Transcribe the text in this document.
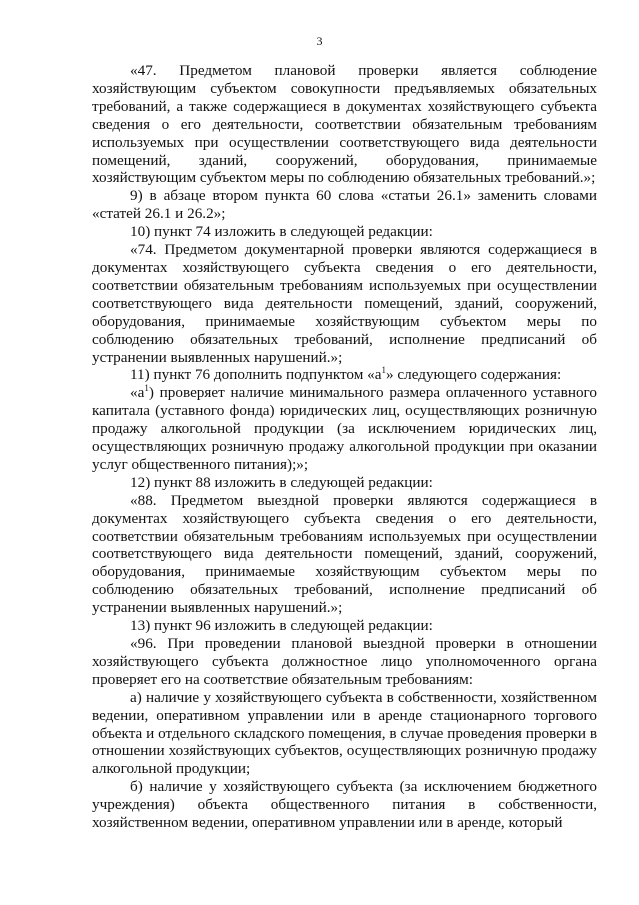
3

«47. Предметом плановой проверки является соблюдение хозяйствующим субъектом совокупности предъявляемых обязательных требований, а также содержащиеся в документах хозяйствующего субъекта сведения о его деятельности, соответствии обязательным требованиям используемых при осуществлении соответствующего вида деятельности помещений, зданий, сооружений, оборудования, принимаемые хозяйствующим субъектом меры по соблюдению обязательных требований.»;

9) в абзаце втором пункта 60 слова «статьи 26.1» заменить словами «статей 26.1 и 26.2»;

10) пункт 74 изложить в следующей редакции:

«74. Предметом документарной проверки являются содержащиеся в документах хозяйствующего субъекта сведения о его деятельности, соответствии обязательным требованиям используемых при осуществлении соответствующего вида деятельности помещений, зданий, сооружений, оборудования, принимаемые хозяйствующим субъектом меры по соблюдению обязательных требований, исполнение предписаний об устранении выявленных нарушений.»;

11) пункт 76 дополнить подпунктом «$а^1$» следующего содержания:

«$а^1$) проверяет наличие минимального размера оплаченного уставного капитала (уставного фонда) юридических лиц, осуществляющих розничную продажу алкогольной продукции (за исключением юридических лиц, осуществляющих розничную продажу алкогольной продукции при оказании услуг общественного питания);»;

12) пункт 88 изложить в следующей редакции:

«88. Предметом выездной проверки являются содержащиеся в документах хозяйствующего субъекта сведения о его деятельности, соответствии обязательным требованиям используемых при осуществлении соответствующего вида деятельности помещений, зданий, сооружений, оборудования, принимаемые хозяйствующим субъектом меры по соблюдению обязательных требований, исполнение предписаний об устранении выявленных нарушений.»;

13) пункт 96 изложить в следующей редакции:

«96. При проведении плановой выездной проверки в отношении хозяйствующего субъекта должностное лицо уполномоченного органа проверяет его на соответствие обязательным требованиям:

а) наличие у хозяйствующего субъекта в собственности, хозяйственном ведении, оперативном управлении или в аренде стационарного торгового объекта и отдельного складского помещения, в случае проведения проверки в отношении хозяйствующих субъектов, осуществляющих розничную продажу алкогольной продукции;

б) наличие у хозяйствующего субъекта (за исключением бюджетного учреждения) объекта общественного питания в собственности, хозяйственном ведении, оперативном управлении или в аренде, который
